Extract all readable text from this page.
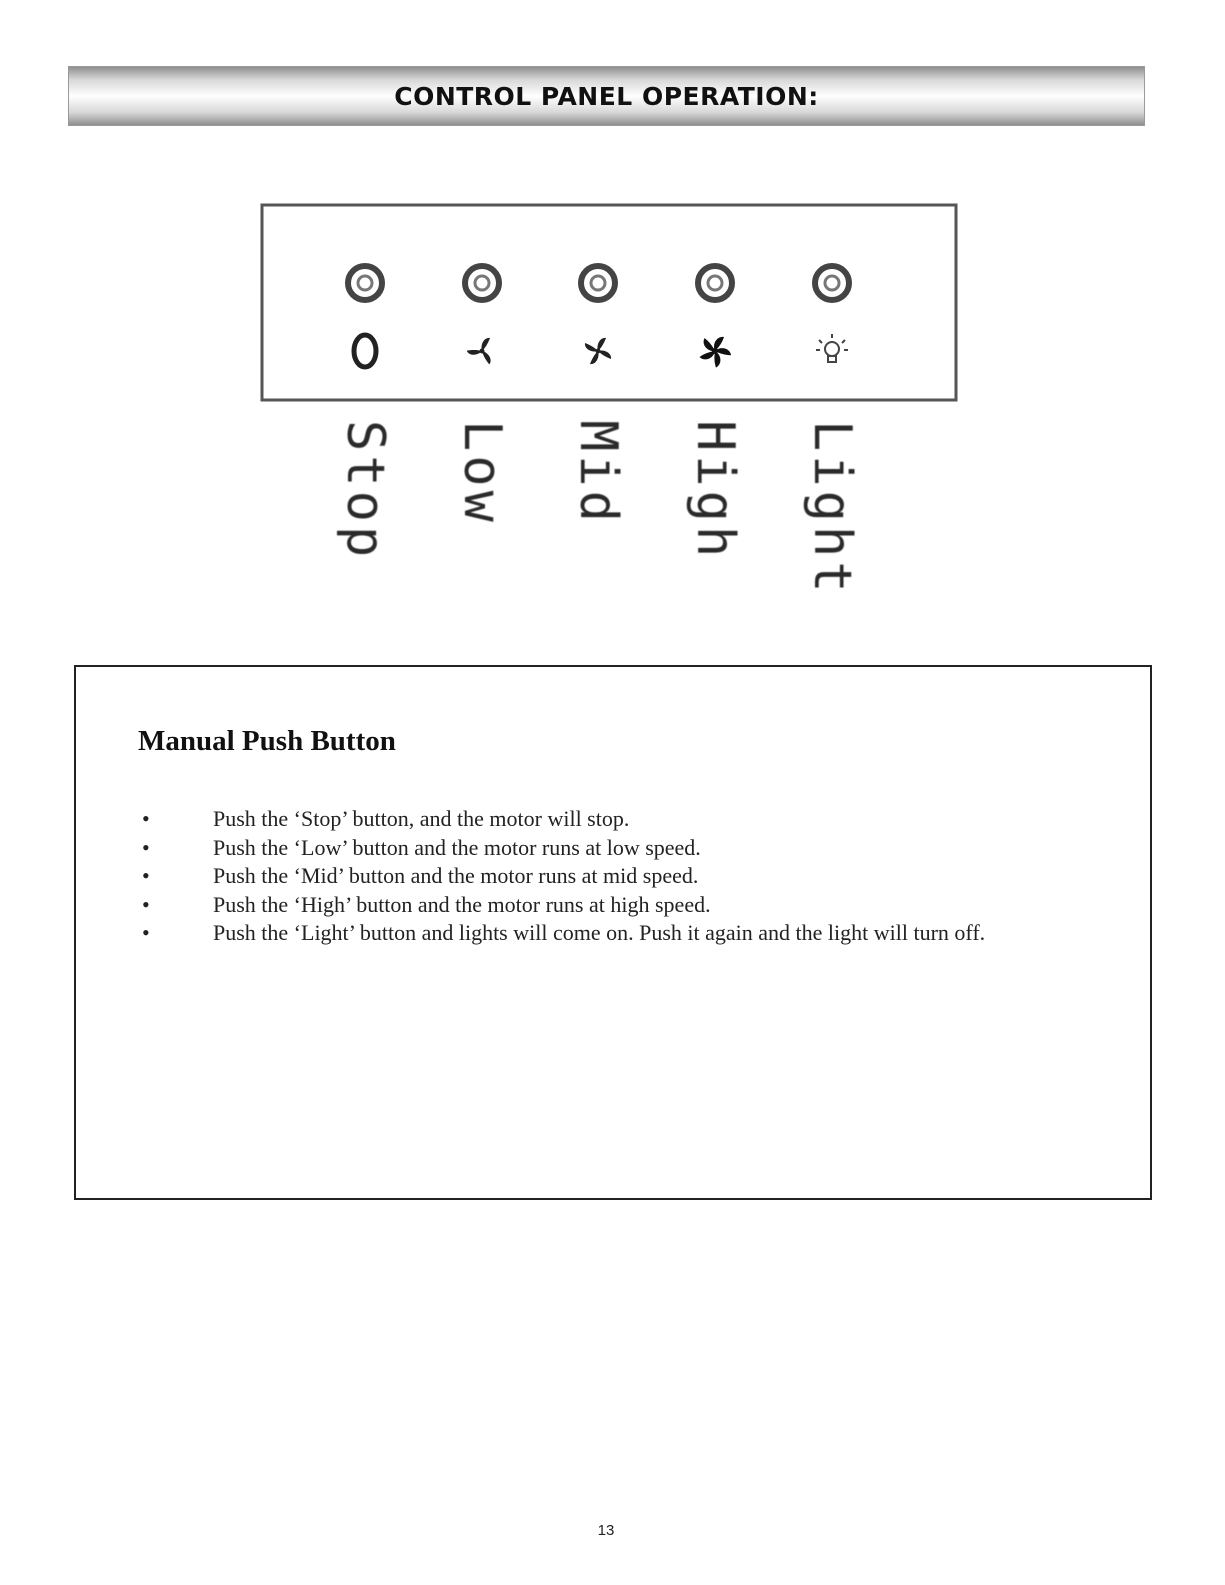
CONTROL PANEL OPERATION:
Stop Low Mid High Light
Manual Push Button
•	Push the ‘Stop’ button, and the motor will stop.
•	Push the ‘Low’ button and the motor runs at low speed.
•	Push the ‘Mid’ button and the motor runs at mid speed.
•	Push the ‘High’ button and the motor runs at high speed.
•	Push the ‘Light’ button and lights will come on. Push it again and the light will turn off.
13
